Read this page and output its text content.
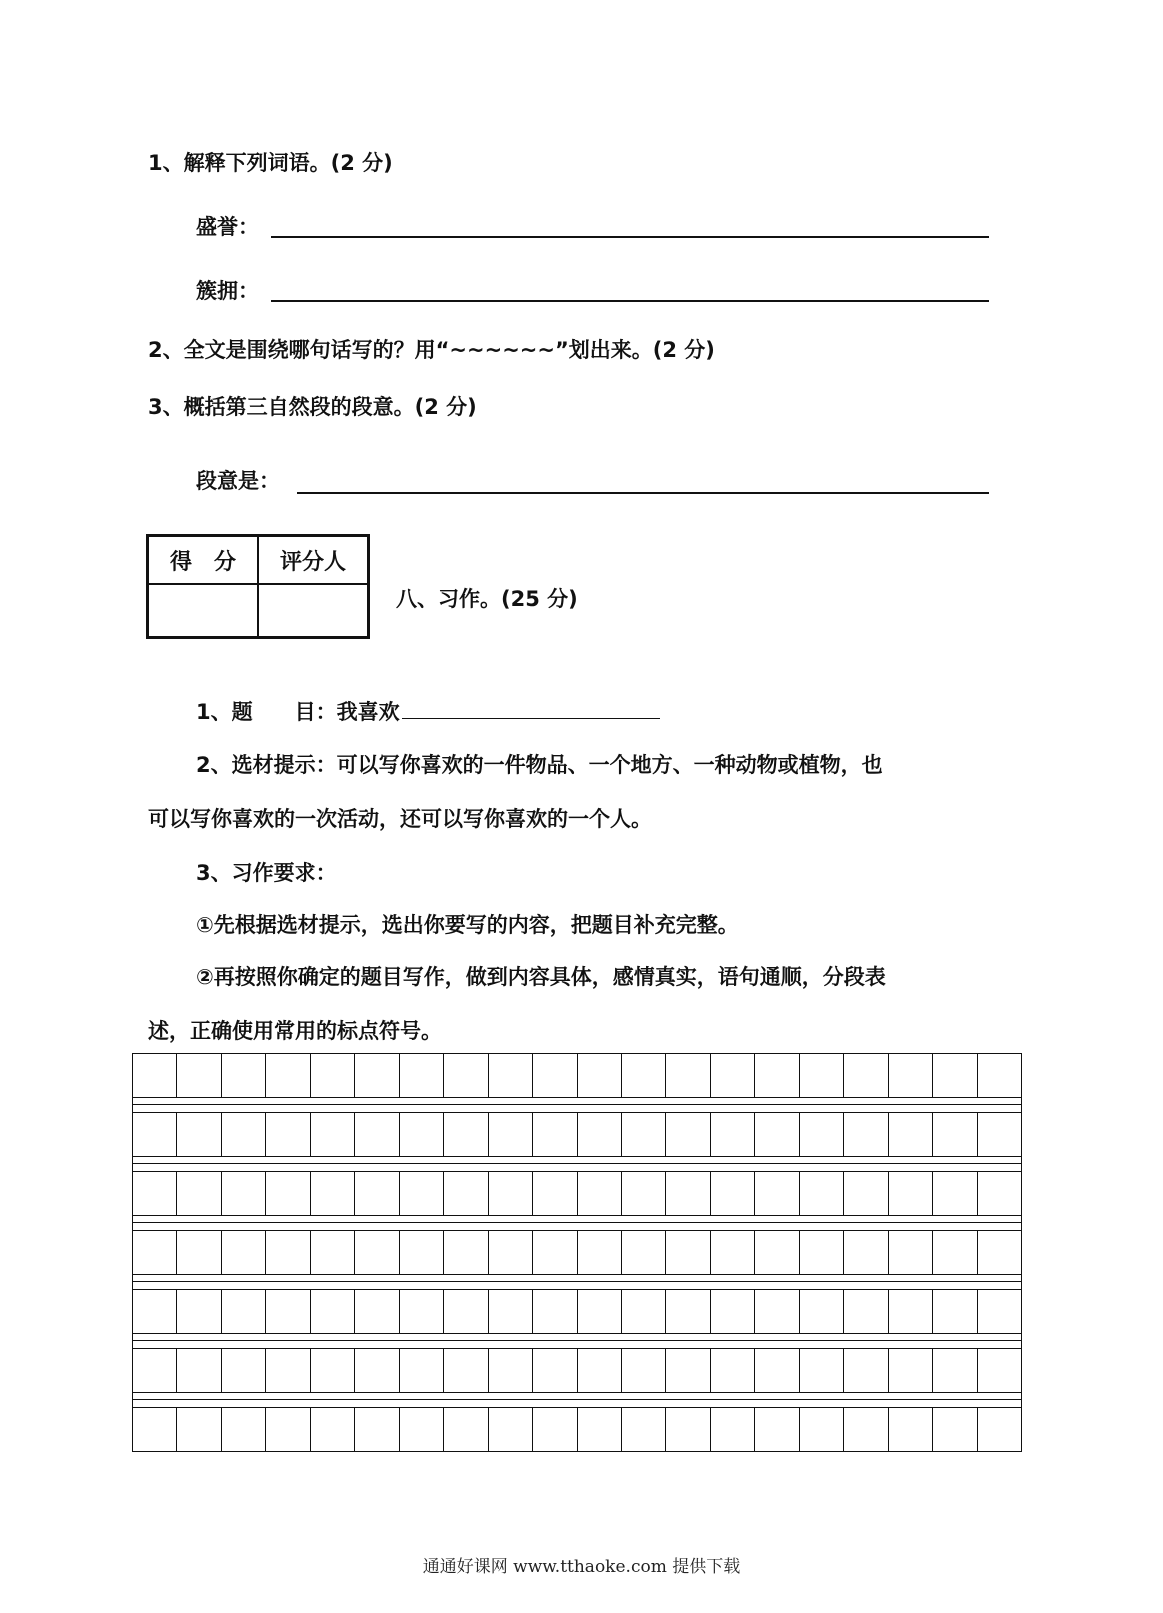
1、解释下列词语。(2 分)
盛誉：
簇拥：
2、全文是围绕哪句话写的？用“~~~~~~”划出来。(2 分)
3、概括第三自然段的段意。(2 分)
段意是：
得　分	评分人

八、习作。(25 分)
1、题　　目：我喜欢
2、选材提示：可以写你喜欢的一件物品、一个地方、一种动物或植物，也
可以写你喜欢的一次活动，还可以写你喜欢的一个人。
3、习作要求：
①先根据选材提示，选出你要写的内容，把题目补充完整。
②再按照你确定的题目写作，做到内容具体，感情真实，语句通顺，分段表
述，正确使用常用的标点符号。
通通好课网 www.tthaoke.com 提供下载
